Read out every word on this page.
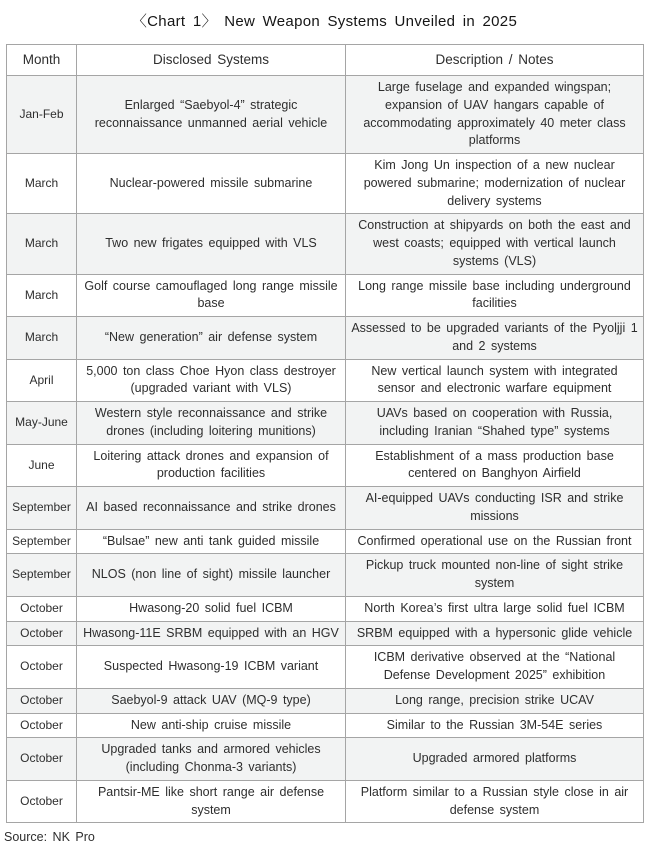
〈Chart 1〉 New Weapon Systems Unveiled in 2025
Month	Disclosed Systems	Description / Notes
Jan-Feb	Enlarged “Saebyol-4” strategic reconnaissance unmanned aerial vehicle	Large fuselage and expanded wingspan; expansion of UAV hangars capable of accommodating approximately 40 meter class platforms
March	Nuclear-powered missile submarine	Kim Jong Un inspection of a new nuclear powered submarine; modernization of nuclear delivery systems
March	Two new frigates equipped with VLS	Construction at shipyards on both the east and west coasts; equipped with vertical launch systems (VLS)
March	Golf course camouflaged long range missile base	Long range missile base including underground facilities
March	“New generation” air defense system	Assessed to be upgraded variants of the Pyoljji 1 and 2 systems
April	5,000 ton class Choe Hyon class destroyer (upgraded variant with VLS)	New vertical launch system with integrated sensor and electronic warfare equipment
May-June	Western style reconnaissance and strike drones (including loitering munitions)	UAVs based on cooperation with Russia, including Iranian “Shahed type” systems
June	Loitering attack drones and expansion of production facilities	Establishment of a mass production base centered on Banghyon Airfield
September	AI based reconnaissance and strike drones	AI-equipped UAVs conducting ISR and strike missions
September	“Bulsae” new anti tank guided missile	Confirmed operational use on the Russian front
September	NLOS (non line of sight) missile launcher	Pickup truck mounted non-line of sight strike system
October	Hwasong-20 solid fuel ICBM	North Korea’s first ultra large solid fuel ICBM
October	Hwasong-11E SRBM equipped with an HGV	SRBM equipped with a hypersonic glide vehicle
October	Suspected Hwasong-19 ICBM variant	ICBM derivative observed at the “National Defense Development 2025” exhibition
October	Saebyol-9 attack UAV (MQ-9 type)	Long range, precision strike UCAV
October	New anti-ship cruise missile	Similar to the Russian 3M-54E series
October	Upgraded tanks and armored vehicles (including Chonma-3 variants)	Upgraded armored platforms
October	Pantsir-ME like short range air defense system	Platform similar to a Russian style close in air defense system
Source: NK Pro
